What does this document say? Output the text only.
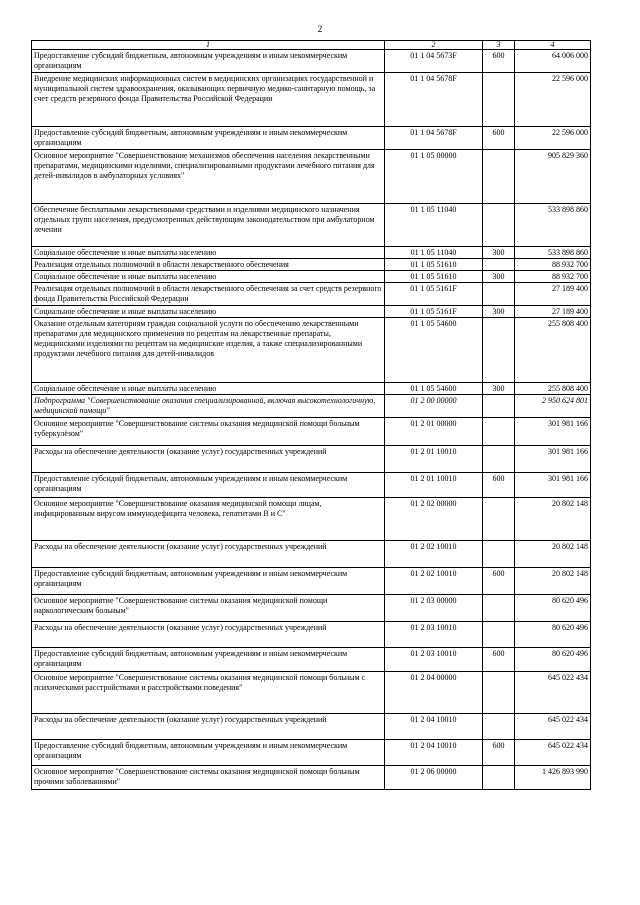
2
1	2	3	4
Предоставление субсидий бюджетным, автономным учреждениям и иным некоммерческим организациям	01 1 04 5673F	600	64 006 000
Внедрение медицинских информационных систем в медицинских организациях государственной и муниципальной систем здравоохранения, оказывающих первичную медико-санитарную помощь, за счет средств резервного фонда Правительства Российской Федерации	01 1 04 5678F		22 596 000
Предоставление субсидий бюджетным, автономным учреждениям и иным некоммерческим организациям	01 1 04 5678F	600	22 596 000
Основное мероприятие "Совершенствование механизмов обеспечения населения лекарственными препаратами, медицинскими изделиями, специализированными продуктами лечебного питания для детей-инвалидов в амбулаторных условиях"	01 1 05 00000		905 829 360
Обеспечение бесплатными лекарственными средствами и изделиями медицинского назначения отдельных групп населения, предусмотренных действующим законодательством при амбулаторном лечении	01 1 05 11040		533 898 860
Социальное обеспечение и иные выплаты населению	01 1 05 11040	300	533 898 860
Реализация отдельных полномочий в области лекарственного обеспечения	01 1 05 51610		88 932 700
Социальное обеспечение и иные выплаты населению	01 1 05 51610	300	88 932 700
Реализация отдельных полномочий в области лекарственного обеспечения за счет средств резервного фонда Правительства Российской Федерации	01 1 05 5161F		27 189 400
Социальное обеспечение и иные выплаты населению	01 1 05 5161F	300	27 189 400
Оказание отдельным категориям граждан социальной услуги по обеспечению лекарственными препаратами для медицинского применения по рецептам на лекарственные препараты, медицинскими изделиями по рецептам на медицинские изделия, а также специализированными продуктами лечебного питания для детей-инвалидов	01 1 05 54600		255 808 400
Социальное обеспечение и иные выплаты населению	01 1 05 54600	300	255 808 400
Подпрограмма "Совершенствование оказания специализированной, включая высокотехнологичную, медицинской помощи"	01 2 00 00000		2 950 624 801
Основное мероприятие "Совершенствование системы оказания медицинской помощи больным туберкулёзом"	01 2 01 00000		301 981 166
Расходы на обеспечение деятельности (оказание услуг) государственных учреждений	01 2 01 10010		301 981 166
Предоставление субсидий бюджетным, автономным учреждениям и иным некоммерческим организациям	01 2 01 10010	600	301 981 166
Основное мероприятие "Совершенствование оказания медицинской помощи лицам, инфицированным вирусом иммунодефицита человека, гепатитами В и С"	01 2 02 00000		20 802 148
Расходы на обеспечение деятельности (оказание услуг) государственных учреждений	01 2 02 10010		20 802 148
Предоставление субсидий бюджетным, автономным учреждениям и иным некоммерческим организациям	01 2 02 10010	600	20 802 148
Основное мероприятие "Совершенствование системы оказания медицинской помощи наркологическим больным"	01 2 03 00000		80 620 496
Расходы на обеспечение деятельности (оказание услуг) государственных учреждений	01 2 03 10010		80 620 496
Предоставление субсидий бюджетным, автономным учреждениям и иным некоммерческим организациям	01 2 03 10010	600	80 620 496
Основное мероприятие "Совершенствование системы оказания медицинской помощи больным с психическими расстройствами и расстройствами поведения"	01 2 04 00000		645 022 434
Расходы на обеспечение деятельности (оказание услуг) государственных учреждений	01 2 04 10010		645 022 434
Предоставление субсидий бюджетным, автономным учреждениям и иным некоммерческим организациям	01 2 04 10010	600	645 022 434
Основное мероприятие "Совершенствование системы оказания медицинской помощи больным прочими заболеваниями"	01 2 06 00000		1 426 893 990
